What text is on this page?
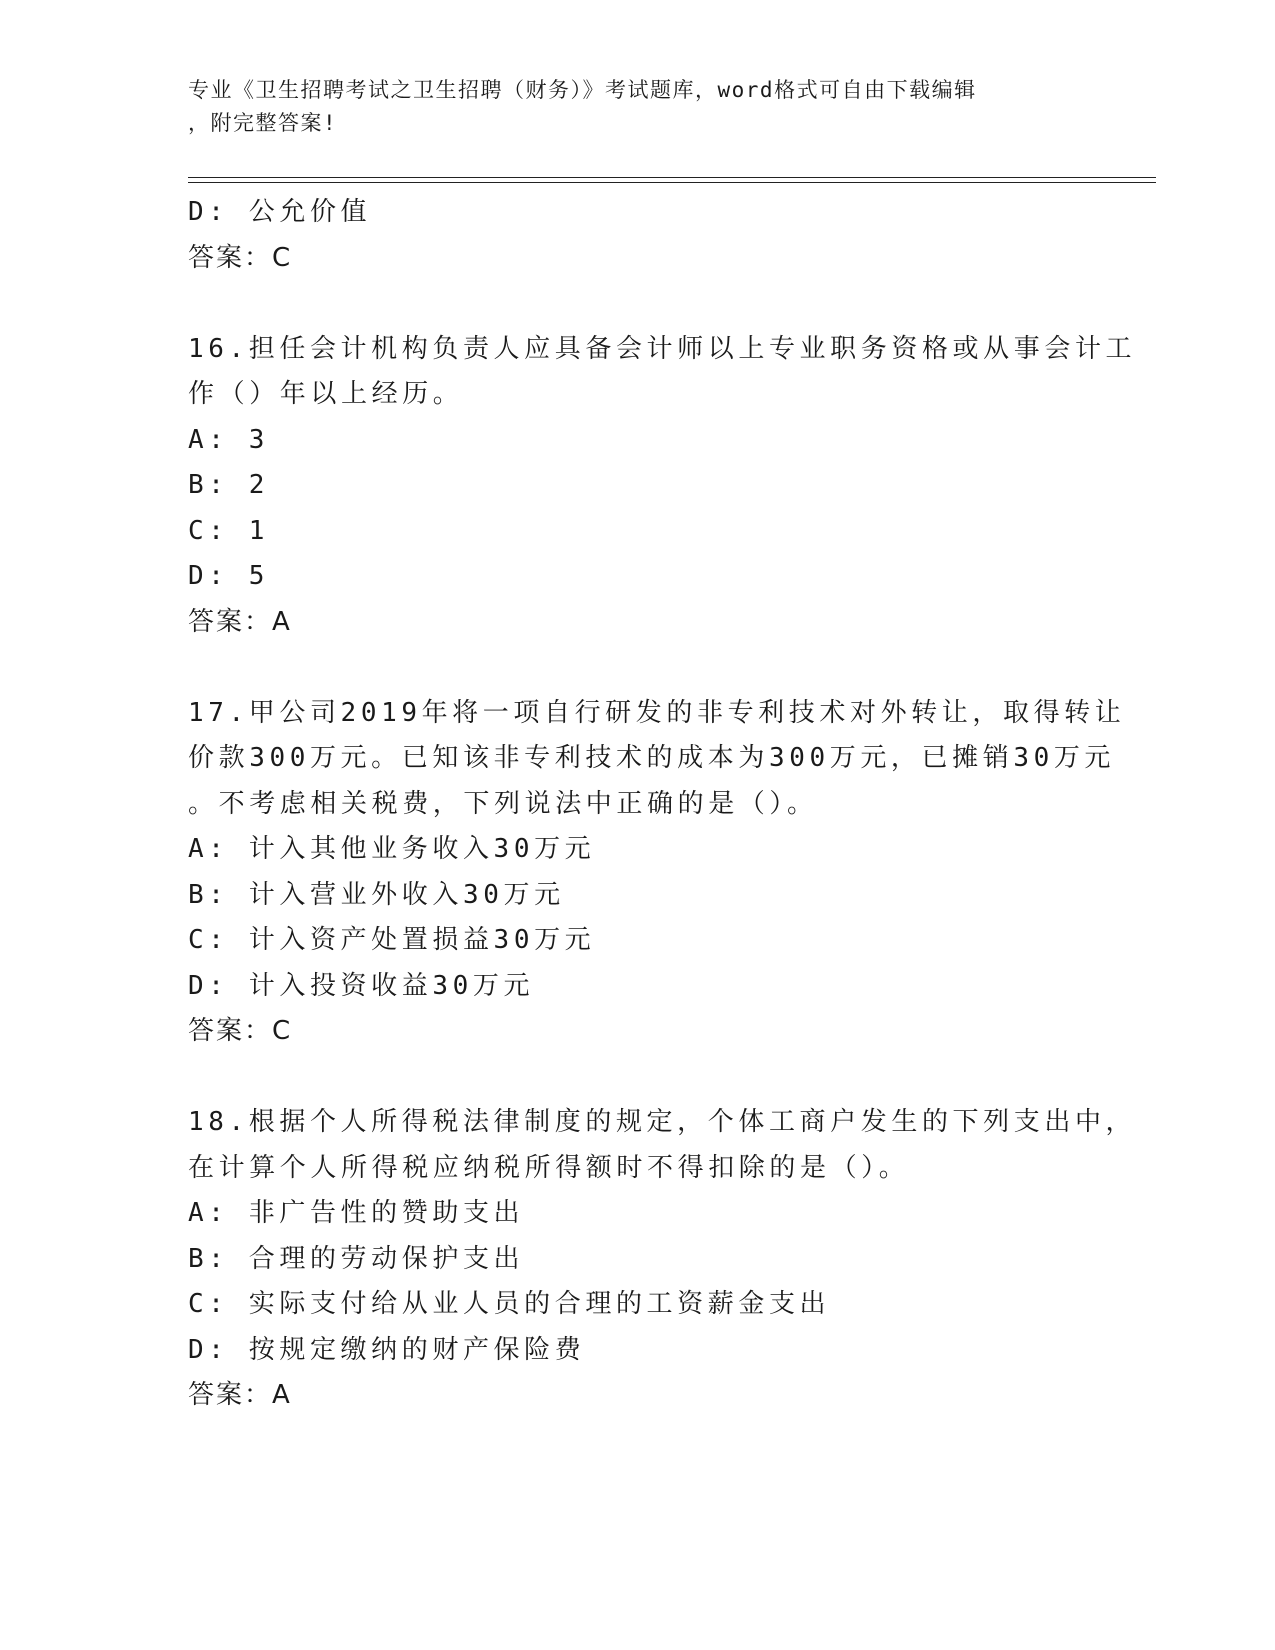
专业《卫生招聘考试之卫生招聘（财务）》考试题库，word格式可自由下载编辑
，附完整答案!
D: 公允价值
答案：C
16.担任会计机构负责人应具备会计师以上专业职务资格或从事会计工
作（）年以上经历。
A: 3
B: 2
C: 1
D: 5
答案：A
17.甲公司2019年将一项自行研发的非专利技术对外转让，取得转让
价款300万元。已知该非专利技术的成本为300万元，已摊销30万元
。不考虑相关税费，下列说法中正确的是（）。
A: 计入其他业务收入30万元
B: 计入营业外收入30万元
C: 计入资产处置损益30万元
D: 计入投资收益30万元
答案：C
18.根据个人所得税法律制度的规定，个体工商户发生的下列支出中，
在计算个人所得税应纳税所得额时不得扣除的是（）。
A: 非广告性的赞助支出
B: 合理的劳动保护支出
C: 实际支付给从业人员的合理的工资薪金支出
D: 按规定缴纳的财产保险费
答案：A
